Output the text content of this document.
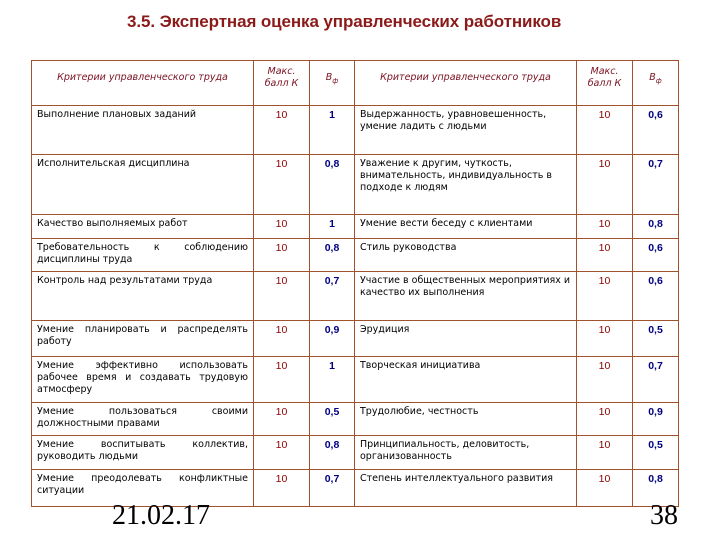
3.5. Экспертная оценка управленческих работников
Критерии управленческого труда	Макс. балл К	$В_ф$	Критерии управленческого труда	Макс. балл К	$В_ф$
Выполнение плановых заданий	10	1	Выдержанность, уравновешенность, умение ладить с людьми	10	0,6
Исполнительская дисциплина	10	0,8	Уважение к другим, чуткость, внимательность, индивидуальность в подходе к людям	10	0,7
Качество выполняемых работ	10	1	Умение вести беседу с клиентами	10	0,8
Требовательность к соблюдению дисциплины труда	10	0,8	Стиль руководства	10	0,6
Контроль над результатами труда	10	0,7	Участие в общественных мероприятиях и качество их выполнения	10	0,6
Умение планировать и распределять работу	10	0,9	Эрудиция	10	0,5
Умение эффективно использовать рабочее время и создавать трудовую атмосферу	10	1	Творческая инициатива	10	0,7
Умение пользоваться своими должностными правами	10	0,5	Трудолюбие, честность	10	0,9
Умение воспитывать коллектив, руководить людьми	10	0,8	Принципиальность, деловитость, организованность	10	0,5
Умение преодолевать конфликтные ситуации	10	0,7	Степень интеллектуального развития	10	0,8
21.02.17	38
